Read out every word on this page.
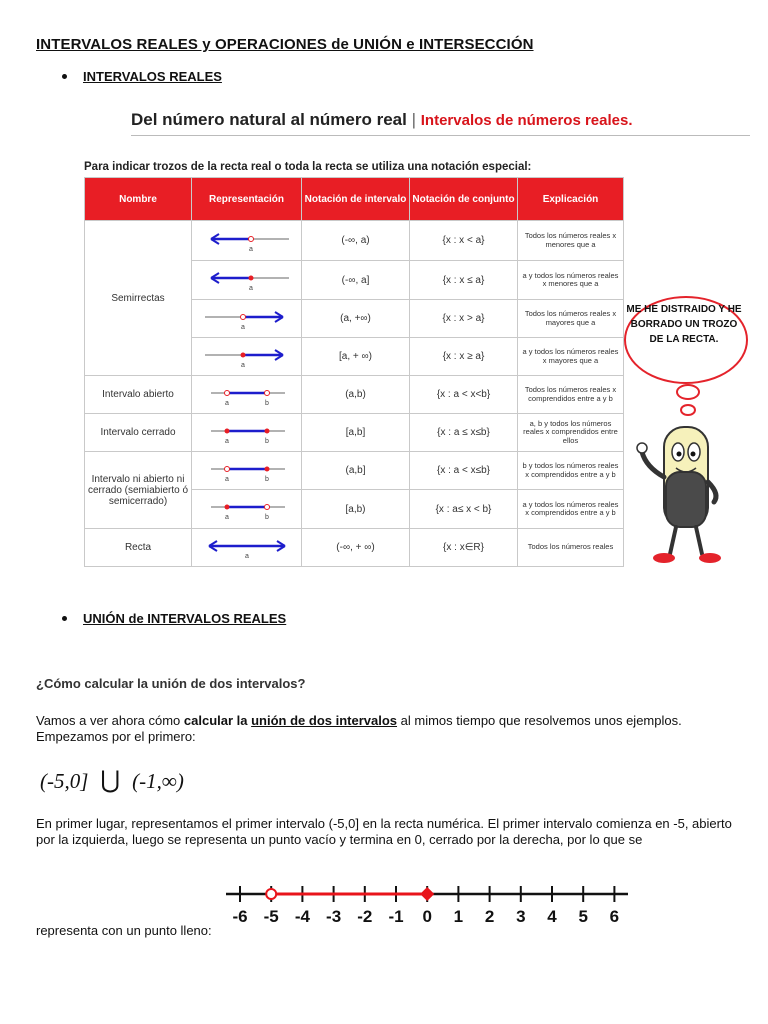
INTERVALOS REALES y OPERACIONES de UNIÓN e INTERSECCIÓN
INTERVALOS REALES
Del número natural al número real | Intervalos de números reales.
Para indicar trozos de la recta real o toda la recta se utiliza una notación especial:
Nombre	Representación	Notación de intervalo	Notación de conjunto	Explicación
Semirrectas	a	(-∞, a)	{x : x < a}	Todos los números reales x menores que a

a	(-∞, a]	{x : x ≤ a}	a y todos los números reales x menores que a

a	(a, +∞)	{x : x > a}	Todos los números reales x mayores que a

a	[a, + ∞)	{x : x ≥ a}	a y todos los números reales x mayores que a
Intervalo abierto	a b	(a,b)	{x : a < x<b}	Todos los números reales x comprendidos entre a y b
Intervalo cerrado	a b	[a,b]	{x : a ≤ x≤b}	a, b y todos los números reales x comprendidos entre ellos
Intervalo ni abierto ni cerrado (semiabierto ó semicerrado)	a b	(a,b]	{x : a < x≤b}	b y todos los números reales x comprendidos entre a y b

a b	[a,b)	{x : a≤ x < b}	a y todos los números reales x comprendidos entre a y b
Recta	a	(-∞, + ∞)	{x : x∈R}	Todos los números reales
ME HE DISTRAIDO Y HE BORRADO UN TROZO DE LA RECTA.
UNIÓN de INTERVALOS REALES
¿Cómo calcular la unión de dos intervalos?
Vamos a ver ahora cómo calcular la unión de dos intervalos al mimos tiempo que resolvemos unos ejemplos. Empezamos por el primero:
(-5,0] ⋃ (-1,∞)
En primer lugar, representamos el primer intervalo (-5,0] en la recta numérica. El primer intervalo comienza en -5, abierto por la izquierda, luego se representa un punto vacío y termina en 0, cerrado por la derecha, por lo que se
-6 -5 -4 -3 -2 -1 0 1 2 3 4 5 6
representa con un punto lleno:
